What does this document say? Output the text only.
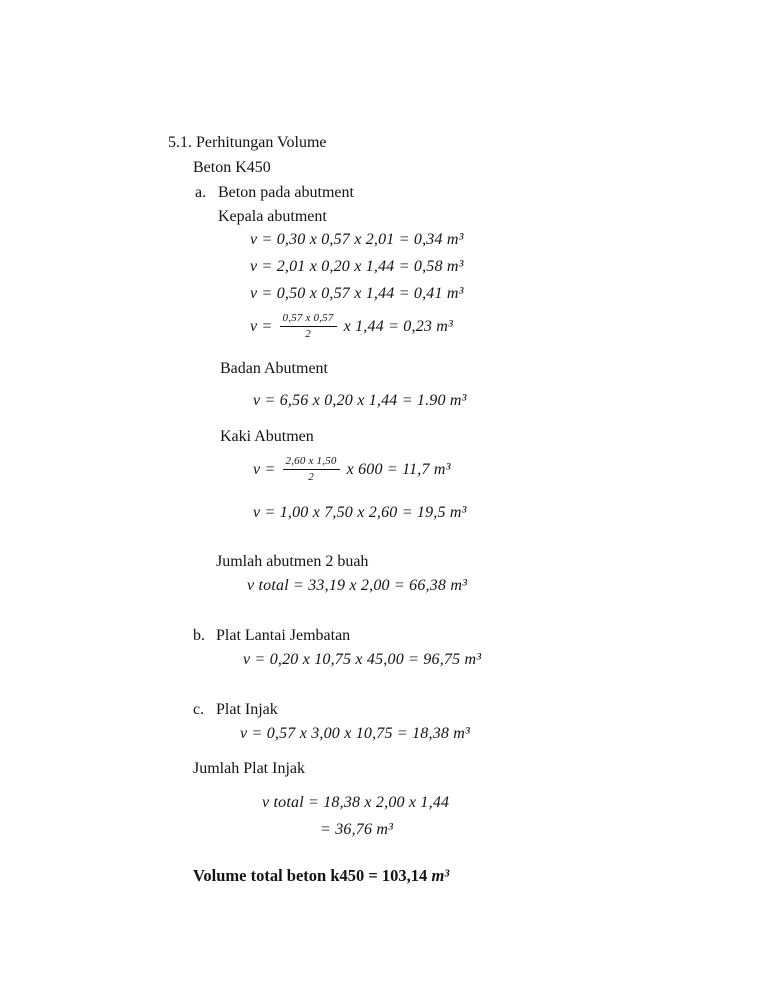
5.1. Perhitungan Volume
Beton K450
a. Beton pada abutment
Kepala abutment
v = 0,30 x 0,57 x 2,01 = 0,34 m³
v = 2,01 x 0,20 x 1,44 = 0,58 m³
v = 0,50 x 0,57 x 1,44 = 0,41 m³
$v = \frac{0,57 x 0,57}{2}$ x 1,44 = 0,23 m³
Badan Abutment
v = 6,56 x 0,20 x 1,44 = 1.90 m³
Kaki Abutmen
$v = \frac{2,60 x 1,50}{2}$ x 600 = 11,7 m³
v = 1,00 x 7,50 x 2,60 = 19,5 m³
Jumlah abutmen 2 buah
v total = 33,19 x 2,00 = 66,38 m³
b. Plat Lantai Jembatan
v = 0,20 x 10,75 x 45,00 = 96,75 m³
c. Plat Injak
v = 0,57 x 3,00 x 10,75 = 18,38 m³
Jumlah Plat Injak
v total = 18,38 x 2,00 x 1,44
= 36,76 m³
Volume total beton k450 = 103,14 m³
